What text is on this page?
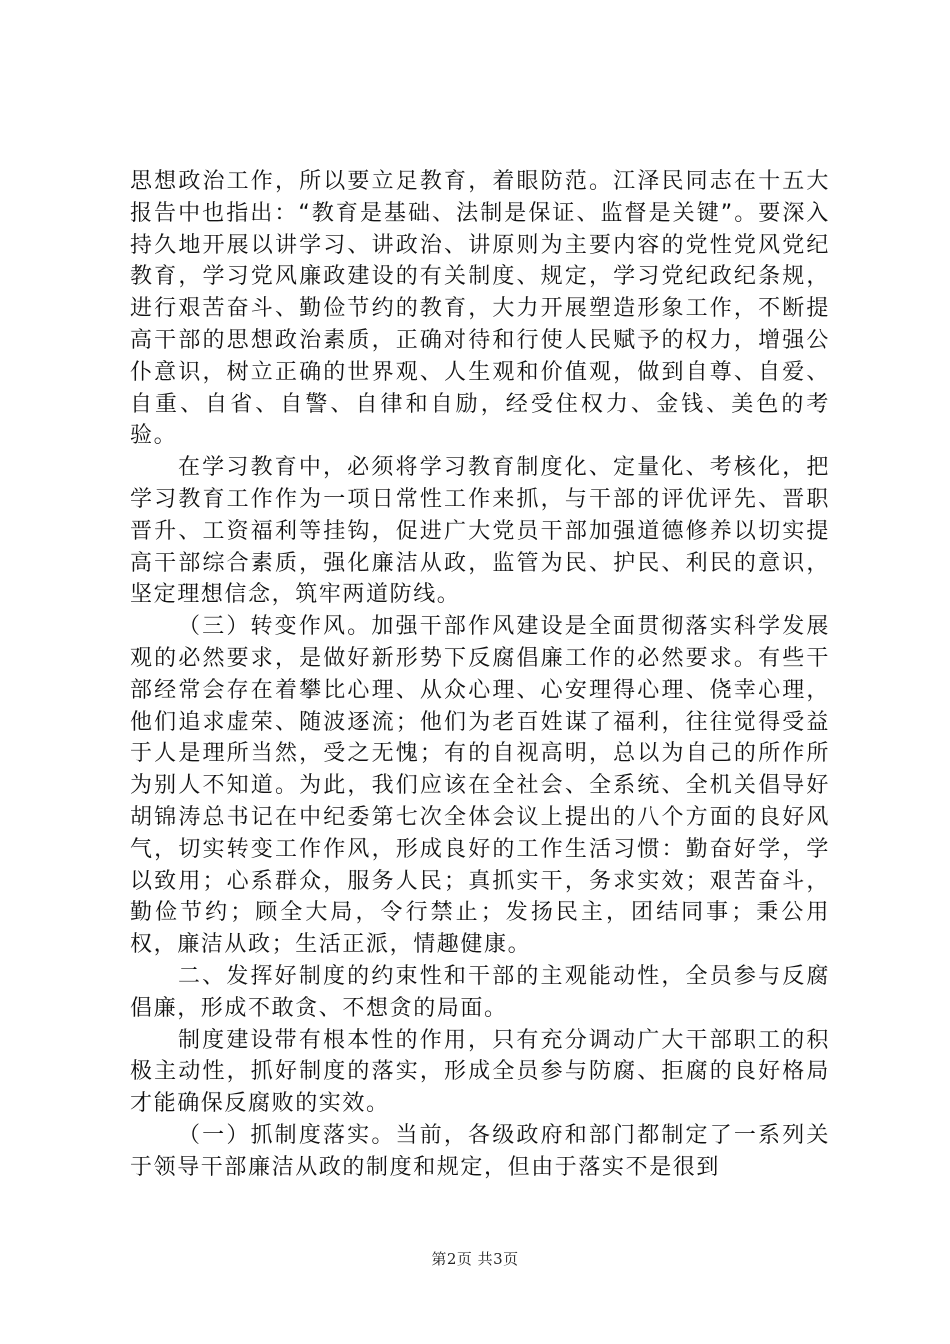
思想政治工作，所以要立足教育，着眼防范。江泽民同志在十五大报告中也指出：“教育是基础、法制是保证、监督是关键”。要深入持久地开展以讲学习、讲政治、讲原则为主要内容的党性党风党纪教育，学习党风廉政建设的有关制度、规定，学习党纪政纪条规，进行艰苦奋斗、勤俭节约的教育，大力开展塑造形象工作，不断提高干部的思想政治素质，正确对待和行使人民赋予的权力，增强公仆意识，树立正确的世界观、人生观和价值观，做到自尊、自爱、自重、自省、自警、自律和自励，经受住权力、金钱、美色的考验。

在学习教育中，必须将学习教育制度化、定量化、考核化，把学习教育工作作为一项日常性工作来抓，与干部的评优评先、晋职晋升、工资福利等挂钩，促进广大党员干部加强道德修养以切实提高干部综合素质，强化廉洁从政，监管为民、护民、利民的意识，坚定理想信念，筑牢两道防线。

（三）转变作风。加强干部作风建设是全面贯彻落实科学发展观的必然要求，是做好新形势下反腐倡廉工作的必然要求。有些干部经常会存在着攀比心理、从众心理、心安理得心理、侥幸心理，他们追求虚荣、随波逐流；他们为老百姓谋了福利，往往觉得受益于人是理所当然，受之无愧；有的自视高明，总以为自己的所作所为别人不知道。为此，我们应该在全社会、全系统、全机关倡导好胡锦涛总书记在中纪委第七次全体会议上提出的八个方面的良好风气，切实转变工作作风，形成良好的工作生活习惯：勤奋好学，学以致用；心系群众，服务人民；真抓实干，务求实效；艰苦奋斗，勤俭节约；顾全大局，令行禁止；发扬民主，团结同事；秉公用权，廉洁从政；生活正派，情趣健康。

二、发挥好制度的约束性和干部的主观能动性，全员参与反腐倡廉，形成不敢贪、不想贪的局面。

制度建设带有根本性的作用，只有充分调动广大干部职工的积极主动性，抓好制度的落实，形成全员参与防腐、拒腐的良好格局才能确保反腐败的实效。

（一）抓制度落实。当前，各级政府和部门都制定了一系列关于领导干部廉洁从政的制度和规定，但由于落实不是很到

第2页 共3页
